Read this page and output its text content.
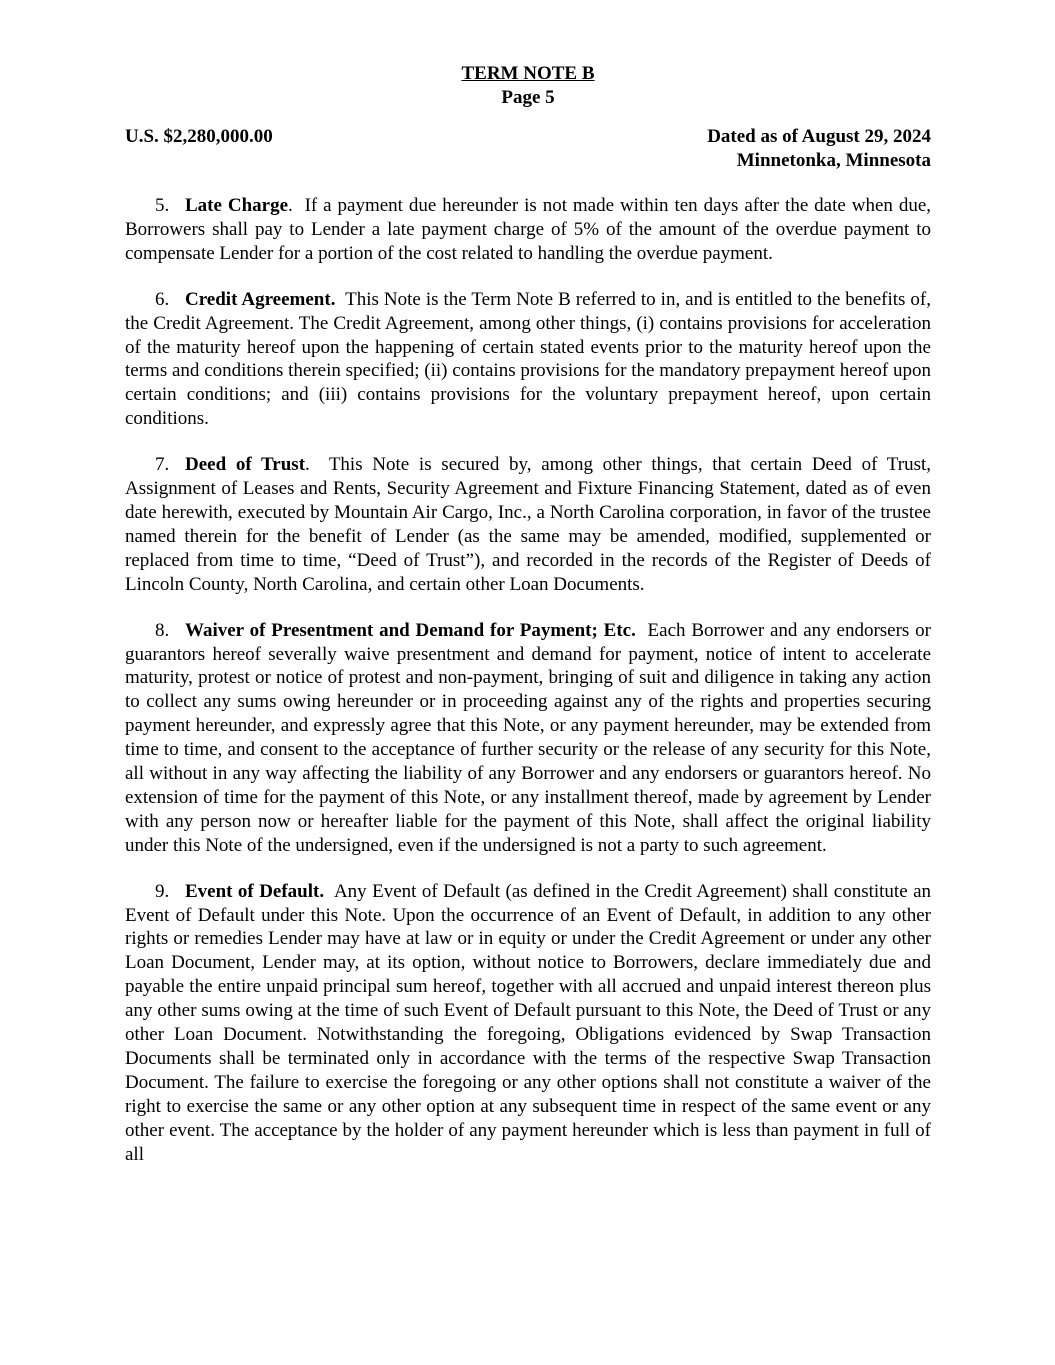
TERM NOTE B
Page 5
U.S. $2,280,000.00	Dated as of August 29, 2024
Minnetonka, Minnesota

5. Late Charge. If a payment due hereunder is not made within ten days after the date when due, Borrowers shall pay to Lender a late payment charge of 5% of the amount of the overdue payment to compensate Lender for a portion of the cost related to handling the overdue payment.

6. Credit Agreement. This Note is the Term Note B referred to in, and is entitled to the benefits of, the Credit Agreement. The Credit Agreement, among other things, (i) contains provisions for acceleration of the maturity hereof upon the happening of certain stated events prior to the maturity hereof upon the terms and conditions therein specified; (ii) contains provisions for the mandatory prepayment hereof upon certain conditions; and (iii) contains provisions for the voluntary prepayment hereof, upon certain conditions.

7. Deed of Trust. This Note is secured by, among other things, that certain Deed of Trust, Assignment of Leases and Rents, Security Agreement and Fixture Financing Statement, dated as of even date herewith, executed by Mountain Air Cargo, Inc., a North Carolina corporation, in favor of the trustee named therein for the benefit of Lender (as the same may be amended, modified, supplemented or replaced from time to time, “Deed of Trust”), and recorded in the records of the Register of Deeds of Lincoln County, North Carolina, and certain other Loan Documents.

8. Waiver of Presentment and Demand for Payment; Etc. Each Borrower and any endorsers or guarantors hereof severally waive presentment and demand for payment, notice of intent to accelerate maturity, protest or notice of protest and non-payment, bringing of suit and diligence in taking any action to collect any sums owing hereunder or in proceeding against any of the rights and properties securing payment hereunder, and expressly agree that this Note, or any payment hereunder, may be extended from time to time, and consent to the acceptance of further security or the release of any security for this Note, all without in any way affecting the liability of any Borrower and any endorsers or guarantors hereof. No extension of time for the payment of this Note, or any installment thereof, made by agreement by Lender with any person now or hereafter liable for the payment of this Note, shall affect the original liability under this Note of the undersigned, even if the undersigned is not a party to such agreement.

9. Event of Default. Any Event of Default (as defined in the Credit Agreement) shall constitute an Event of Default under this Note. Upon the occurrence of an Event of Default, in addition to any other rights or remedies Lender may have at law or in equity or under the Credit Agreement or under any other Loan Document, Lender may, at its option, without notice to Borrowers, declare immediately due and payable the entire unpaid principal sum hereof, together with all accrued and unpaid interest thereon plus any other sums owing at the time of such Event of Default pursuant to this Note, the Deed of Trust or any other Loan Document. Notwithstanding the foregoing, Obligations evidenced by Swap Transaction Documents shall be terminated only in accordance with the terms of the respective Swap Transaction Document. The failure to exercise the foregoing or any other options shall not constitute a waiver of the right to exercise the same or any other option at any subsequent time in respect of the same event or any other event. The acceptance by the holder of any payment hereunder which is less than payment in full of all
